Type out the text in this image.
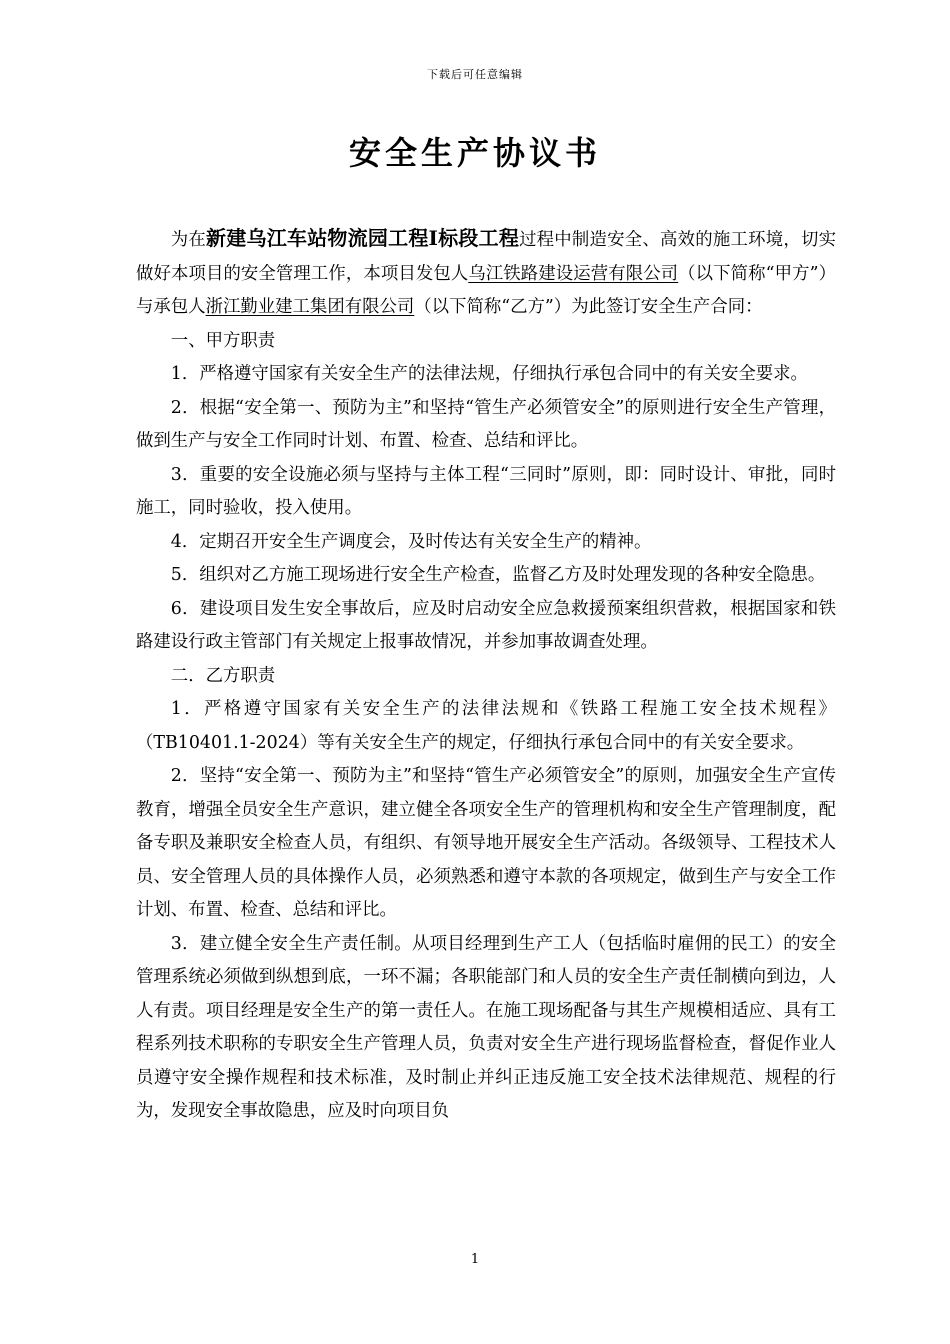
下载后可任意编辑
安全生产协议书

为在新建乌江车站物流园工程Ⅰ标段工程过程中制造安全、高效的施工环境，切实做好本项目的安全管理工作，本项目发包人乌江铁路建设运营有限公司（以下简称“甲方”）与承包人浙江勤业建工集团有限公司（以下简称“乙方”）为此签订安全生产合同：

一、甲方职责

1．严格遵守国家有关安全生产的法律法规，仔细执行承包合同中的有关安全要求。

2．根据“安全第一、预防为主”和坚持“管生产必须管安全”的原则进行安全生产管理，做到生产与安全工作同时计划、布置、检查、总结和评比。

3．重要的安全设施必须与坚持与主体工程“三同时”原则，即：同时设计、审批，同时施工，同时验收，投入使用。

4．定期召开安全生产调度会，及时传达有关安全生产的精神。

5．组织对乙方施工现场进行安全生产检查，监督乙方及时处理发现的各种安全隐患。

6．建设项目发生安全事故后，应及时启动安全应急救援预案组织营救，根据国家和铁路建设行政主管部门有关规定上报事故情况，并参加事故调查处理。

二．乙方职责

1．严格遵守国家有关安全生产的法律法规和《铁路工程施工安全技术规程》（TB10401.1-2024）等有关安全生产的规定，仔细执行承包合同中的有关安全要求。

2．坚持“安全第一、预防为主”和坚持“管生产必须管安全”的原则，加强安全生产宣传教育，增强全员安全生产意识，建立健全各项安全生产的管理机构和安全生产管理制度，配备专职及兼职安全检查人员，有组织、有领导地开展安全生产活动。各级领导、工程技术人员、安全管理人员的具体操作人员，必须熟悉和遵守本款的各项规定，做到生产与安全工作计划、布置、检查、总结和评比。

3．建立健全安全生产责任制。从项目经理到生产工人（包括临时雇佣的民工）的安全管理系统必须做到纵想到底，一环不漏；各职能部门和人员的安全生产责任制横向到边，人人有责。项目经理是安全生产的第一责任人。在施工现场配备与其生产规模相适应、具有工程系列技术职称的专职安全生产管理人员，负责对安全生产进行现场监督检查，督促作业人员遵守安全操作规程和技术标准，及时制止并纠正违反施工安全技术法律规范、规程的行为，发现安全事故隐患，应及时向项目负

1
